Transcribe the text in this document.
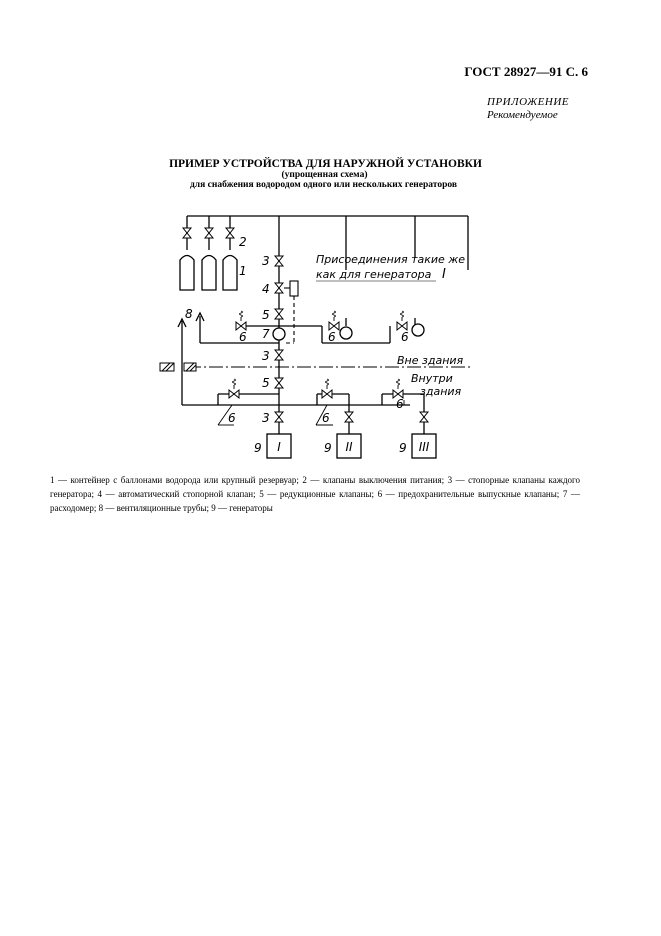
ГОСТ 28927—91 С. 6
ПРИЛОЖЕНИЕ
Рекомендуемое
ПРИМЕР УСТРОЙСТВА ДЛЯ НАРУЖНОЙ УСТАНОВКИ
(упрощенная схема)
для снабжения водородом одного или нескольких генераторов
2
1
3
4
5
7
3
5
3
8
6	6	6
6	6
6
9	9	9
I	II	III
Присоединения такие же
как для генератора I
Вне здания
Внутри
здания
1 — контейнер с баллонами водорода или крупный резервуар; 2 — клапаны выключения питания; 3 — стопорные клапаны каждого генератора; 4 — автоматический стопорной клапан; 5 — редукционные клапаны; 6 — предохранительные выпускные клапаны; 7 — расходомер; 8 — вентиляционные трубы; 9 — генераторы
